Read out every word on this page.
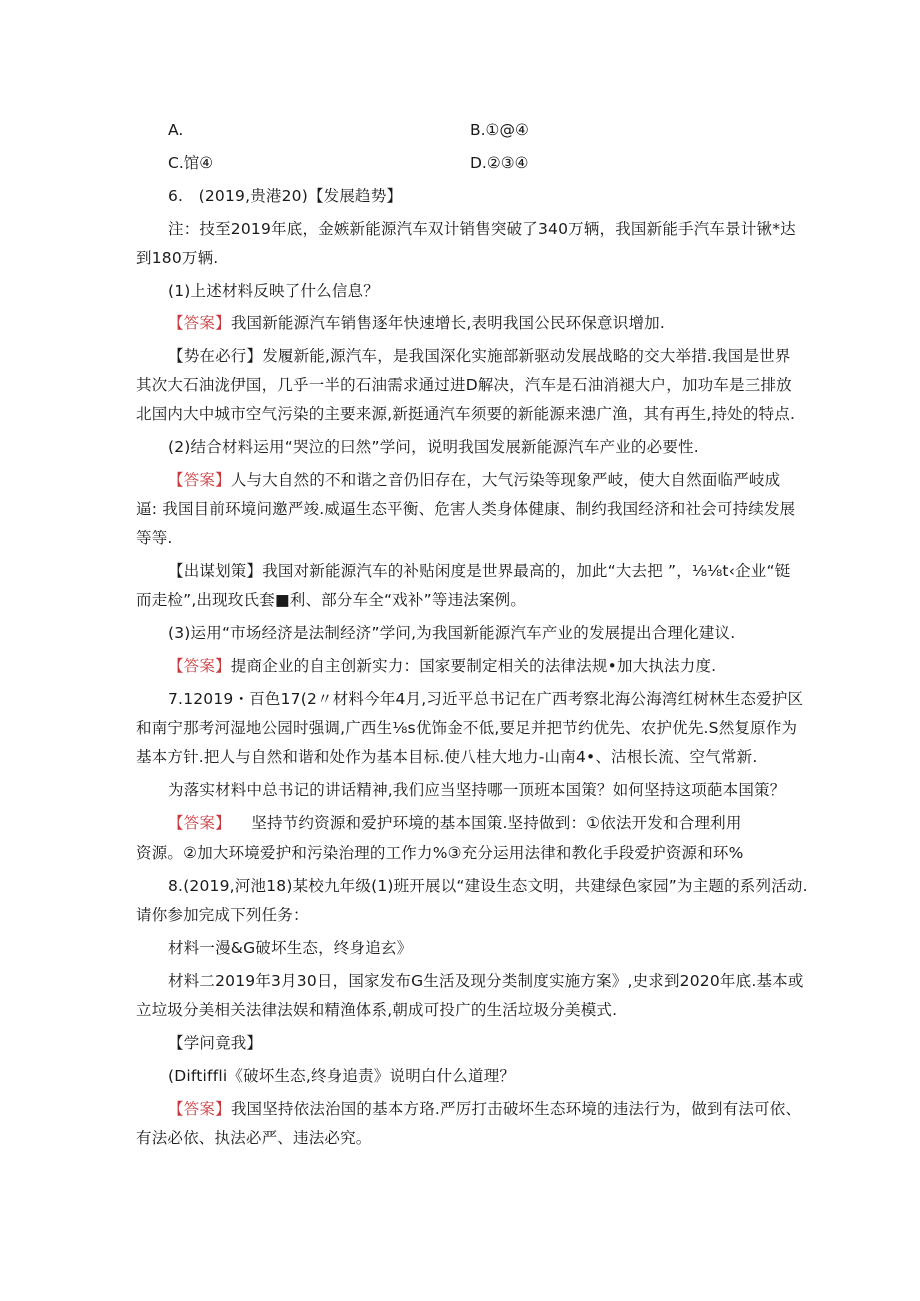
A.	B.①@④
C.馆④	D.②③④
6.   (2019,贵港20)【发展趋势】
注：技至2019年底，金嫉新能源汽车双计销售突破了340万辆，我国新能手汽车景计锹*达
到180万辆.
(1)上述材料反映了什么信息？
【答案】我国新能源汽车销售逐年快速增长,表明我国公民环保意识增加.
【势在必行】发履新能,源汽车，是我国深化实施部新驱动发展战略的交大举措.我国是世界
其次大石油泷伊国，几乎一半的石油需求通过进D解决，汽车是石油消褪大户，加功车是三排放
北国内大中城市空气污染的主要来源,新挺通汽车须要的新能源来漶广渔，其有再生,持处的特点.
(2)结合材料运用“哭泣的曰然”学问，说明我国发展新能源汽车产业的必要性.
【答案】人与大自然的不和谐之音仍旧存在，大气污染等现象严岐，使大自然面临严岐成
逼: 我国目前环境问邀严竣.威逼生态平衡、危害人类身体健康、制约我国经济和社会可持续发展
等等.
【出谋划策】我国对新能源汽车的补贴闲度是世界最高的，加此“大去把 ”，⅛⅛t‹企业“铤
而走检”,出现玫氏套■利、部分车全“戏补”等违法案例。
(3)运用“市场经济是法制经济”学问,为我国新能源汽车产业的发展提出合理化建议.
【答案】提商企业的自主创新实力：国家要制定相关的法律法规•加大执法力度.
7.12019・百色17(2〃材料今年4月,习近平总书记在广西考察北海公海湾红树林生态爱护区
和南宁那考河湿地公园时强调,广西生⅛s优饰金不低,要足并把节约优先、农护优先.S然复原作为
基本方针.把人与自然和谐和处作为基本目标.使八桂大地力-山南4•、沽根长流、空气常新.
为落实材料中总书记的讲话精神,我们应当坚持哪一顶班本国策？如何坚持这项葩本国策？
【答案】    坚持节约资源和爱护环境的基本国策.坚持做到：①依法开发和合理利用
资源。②加大环境爱护和污染治理的工作力%③充分运用法律和教化手段爱护资源和环%
8.(2019,河池18)某校九年级(1)班开展以“建设生态文明，共建绿色家园”为主题的系列活动.
请你参加完成下列任务：
材料一漫&G破坏生态，终身追玄》
材料二2019年3月30日，国家发布G生活及现分类制度实施方案》,史求到2020年底.基本或
立垃圾分美相关法律法娱和精渔体系,朝成可投广的生活垃圾分美模式.
【学问竟我】
(Diftiffli《破坏生态,终身追责》说明白什么道理？
【答案】我国坚持依法治国的基本方珞.严厉打击破坏生态环境的违法行为，做到有法可依、
有法必依、执法必严、违法必究。
